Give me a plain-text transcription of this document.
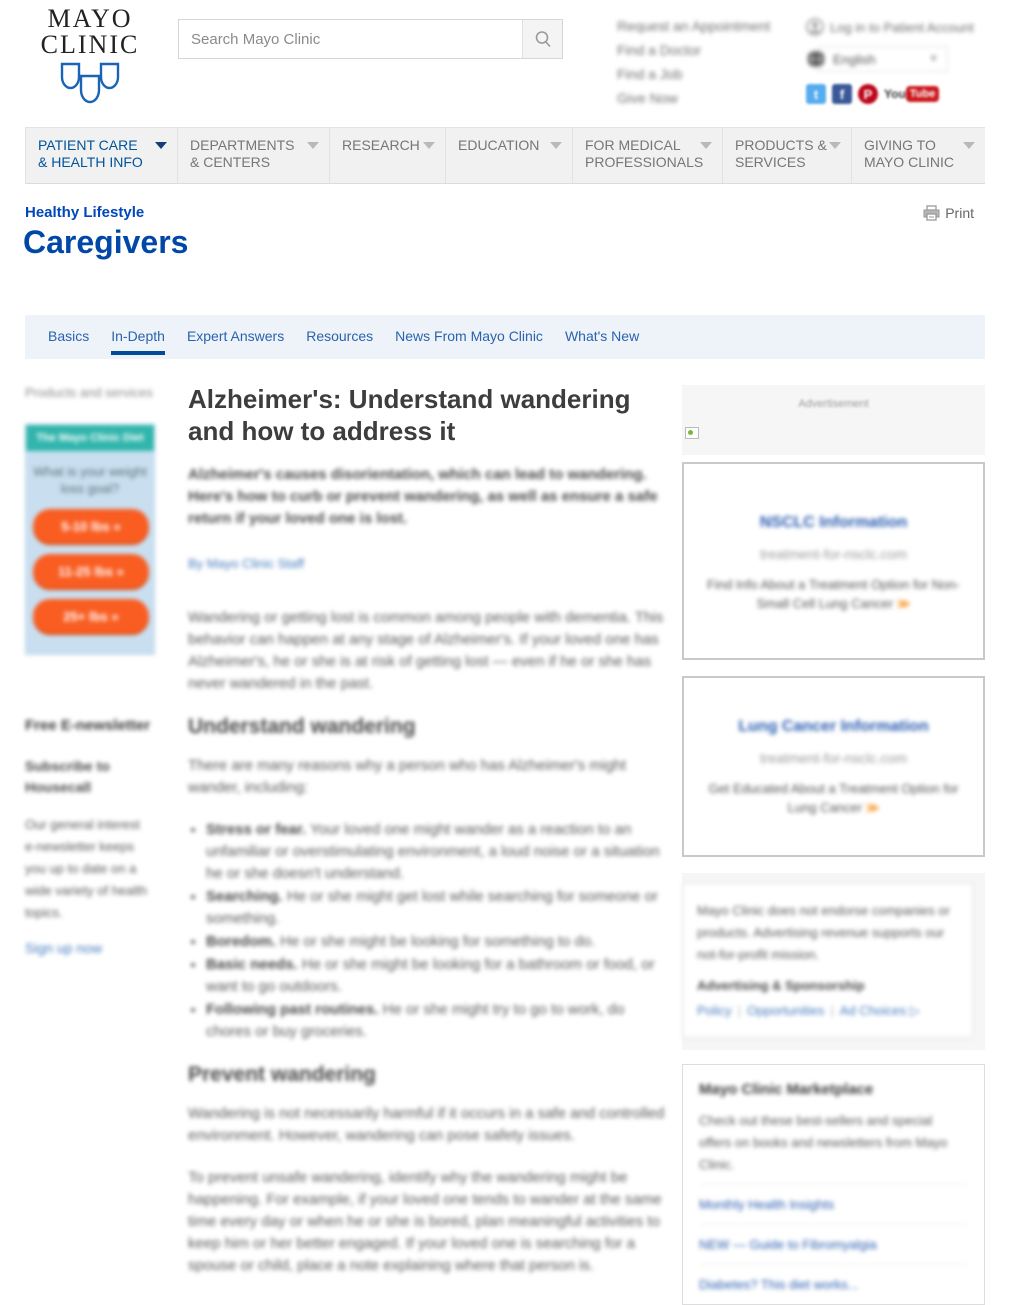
MAYO
CLINIC
Search Mayo Clinic
Request an Appointment
Find a Doctor
Find a Job
Give Now
Log in to Patient Account
English	▼
t	f	P You Tube
PATIENT CARE & HEALTH INFO
DEPARTMENTS & CENTERS
RESEARCH	EDUCATION	FOR MEDICAL PROFESSIONALS
PRODUCTS & SERVICES
GIVING TO MAYO CLINIC
Healthy Lifestyle
Caregivers
Print
Basics	In-Depth	Expert Answers	Resources	News From Mayo Clinic	What's New
Products and services
The Mayo Clinic Diet
What is your weight loss goal?
5-10 lbs »
11-25 lbs »
25+ lbs »
Free E-newsletter
Subscribe to Housecall
Our general interest e-newsletter keeps you up to date on a wide variety of health topics.
Sign up now
Alzheimer's: Understand wandering and how to address it

Alzheimer's causes disorientation, which can lead to wandering. Here's how to curb or prevent wandering, as well as ensure a safe return if your loved one is lost.

By Mayo Clinic Staff

Wandering or getting lost is common among people with dementia. This behavior can happen at any stage of Alzheimer's. If your loved one has Alzheimer's, he or she is at risk of getting lost — even if he or she has never wandered in the past.

Understand wandering

There are many reasons why a person who has Alzheimer's might wander, including:

• Stress or fear. Your loved one might wander as a reaction to an unfamiliar or overstimulating environment, a loud noise or a situation he or she doesn't understand.
• Searching. He or she might get lost while searching for someone or something.
• Boredom. He or she might be looking for something to do.
• Basic needs. He or she might be looking for a bathroom or food, or want to go outdoors.
• Following past routines. He or she might try to go to work, do chores or buy groceries.
Prevent wandering

Wandering is not necessarily harmful if it occurs in a safe and controlled environment. However, wandering can pose safety issues.

To prevent unsafe wandering, identify why the wandering might be happening. For example, if your loved one tends to wander at the same time every day or when he or she is bored, plan meaningful activities to keep him or her better engaged. If your loved one is searching for a spouse or child, place a note explaining where that person is.

Advertisement
NSCLC Information
treatment-for-nsclc.com
Find Info About a Treatment Option for Non-Small Cell Lung Cancer ≫
Lung Cancer Information
treatment-for-nsclc.com
Get Educated About a Treatment Option for Lung Cancer ≫

Mayo Clinic does not endorse companies or products. Advertising revenue supports our not-for-profit mission.

Advertising & Sponsorship
Policy | Opportunities | Ad Choices ▷
Mayo Clinic Marketplace

Check out these best-sellers and special offers on books and newsletters from Mayo Clinic.

Monthly Health Insights
NEW — Guide to Fibromyalgia
Diabetes? This diet works...
